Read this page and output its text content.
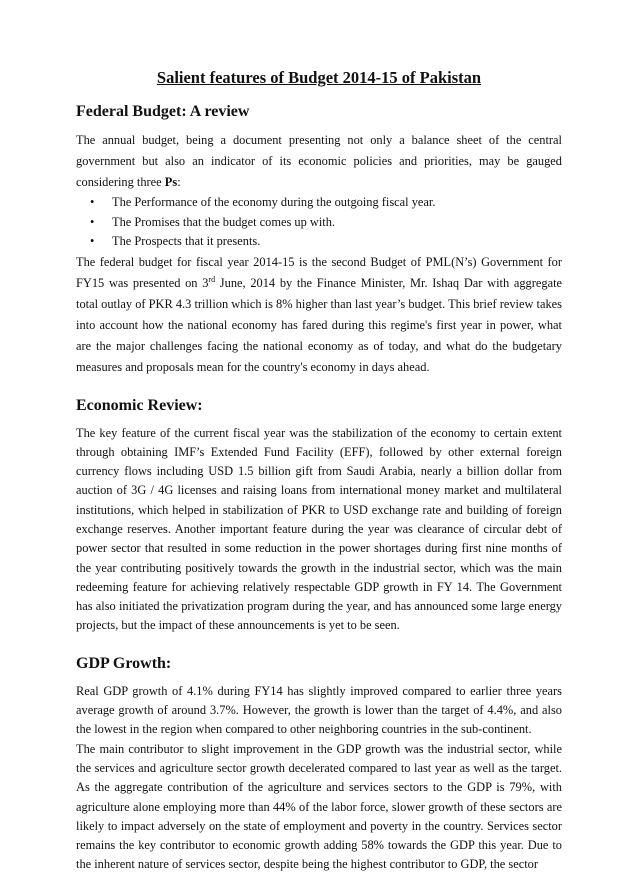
Salient features of Budget 2014-15 of Pakistan
Federal Budget: A review

The annual budget, being a document presenting not only a balance sheet of the central government but also an indicator of its economic policies and priorities, may be gauged considering three Ps:

• The Performance of the economy during the outgoing fiscal year.
• The Promises that the budget comes up with.
• The Prospects that it presents.

The federal budget for fiscal year 2014-15 is the second Budget of PML(N’s) Government for FY15 was presented on 3rd June, 2014 by the Finance Minister, Mr. Ishaq Dar with aggregate total outlay of PKR 4.3 trillion which is 8% higher than last year’s budget. This brief review takes into account how the national economy has fared during this regime's first year in power, what are the major challenges facing the national economy as of today, and what do the budgetary measures and proposals mean for the country's economy in days ahead.

Economic Review:

The key feature of the current fiscal year was the stabilization of the economy to certain extent through obtaining IMF’s Extended Fund Facility (EFF), followed by other external foreign currency flows including USD 1.5 billion gift from Saudi Arabia, nearly a billion dollar from auction of 3G / 4G licenses and raising loans from international money market and multilateral institutions, which helped in stabilization of PKR to USD exchange rate and building of foreign exchange reserves. Another important feature during the year was clearance of circular debt of power sector that resulted in some reduction in the power shortages during first nine months of the year contributing positively towards the growth in the industrial sector, which was the main redeeming feature for achieving relatively respectable GDP growth in FY 14. The Government has also initiated the privatization program during the year, and has announced some large energy projects, but the impact of these announcements is yet to be seen.

GDP Growth:

Real GDP growth of 4.1% during FY14 has slightly improved compared to earlier three years average growth of around 3.7%. However, the growth is lower than the target of 4.4%, and also the lowest in the region when compared to other neighboring countries in the sub-continent.

The main contributor to slight improvement in the GDP growth was the industrial sector, while the services and agriculture sector growth decelerated compared to last year as well as the target. As the aggregate contribution of the agriculture and services sectors to the GDP is 79%, with agriculture alone employing more than 44% of the labor force, slower growth of these sectors are likely to impact adversely on the state of employment and poverty in the country. Services sector remains the key contributor to economic growth adding 58% towards the GDP this year. Due to the inherent nature of services sector, despite being the highest contributor to GDP, the sector
